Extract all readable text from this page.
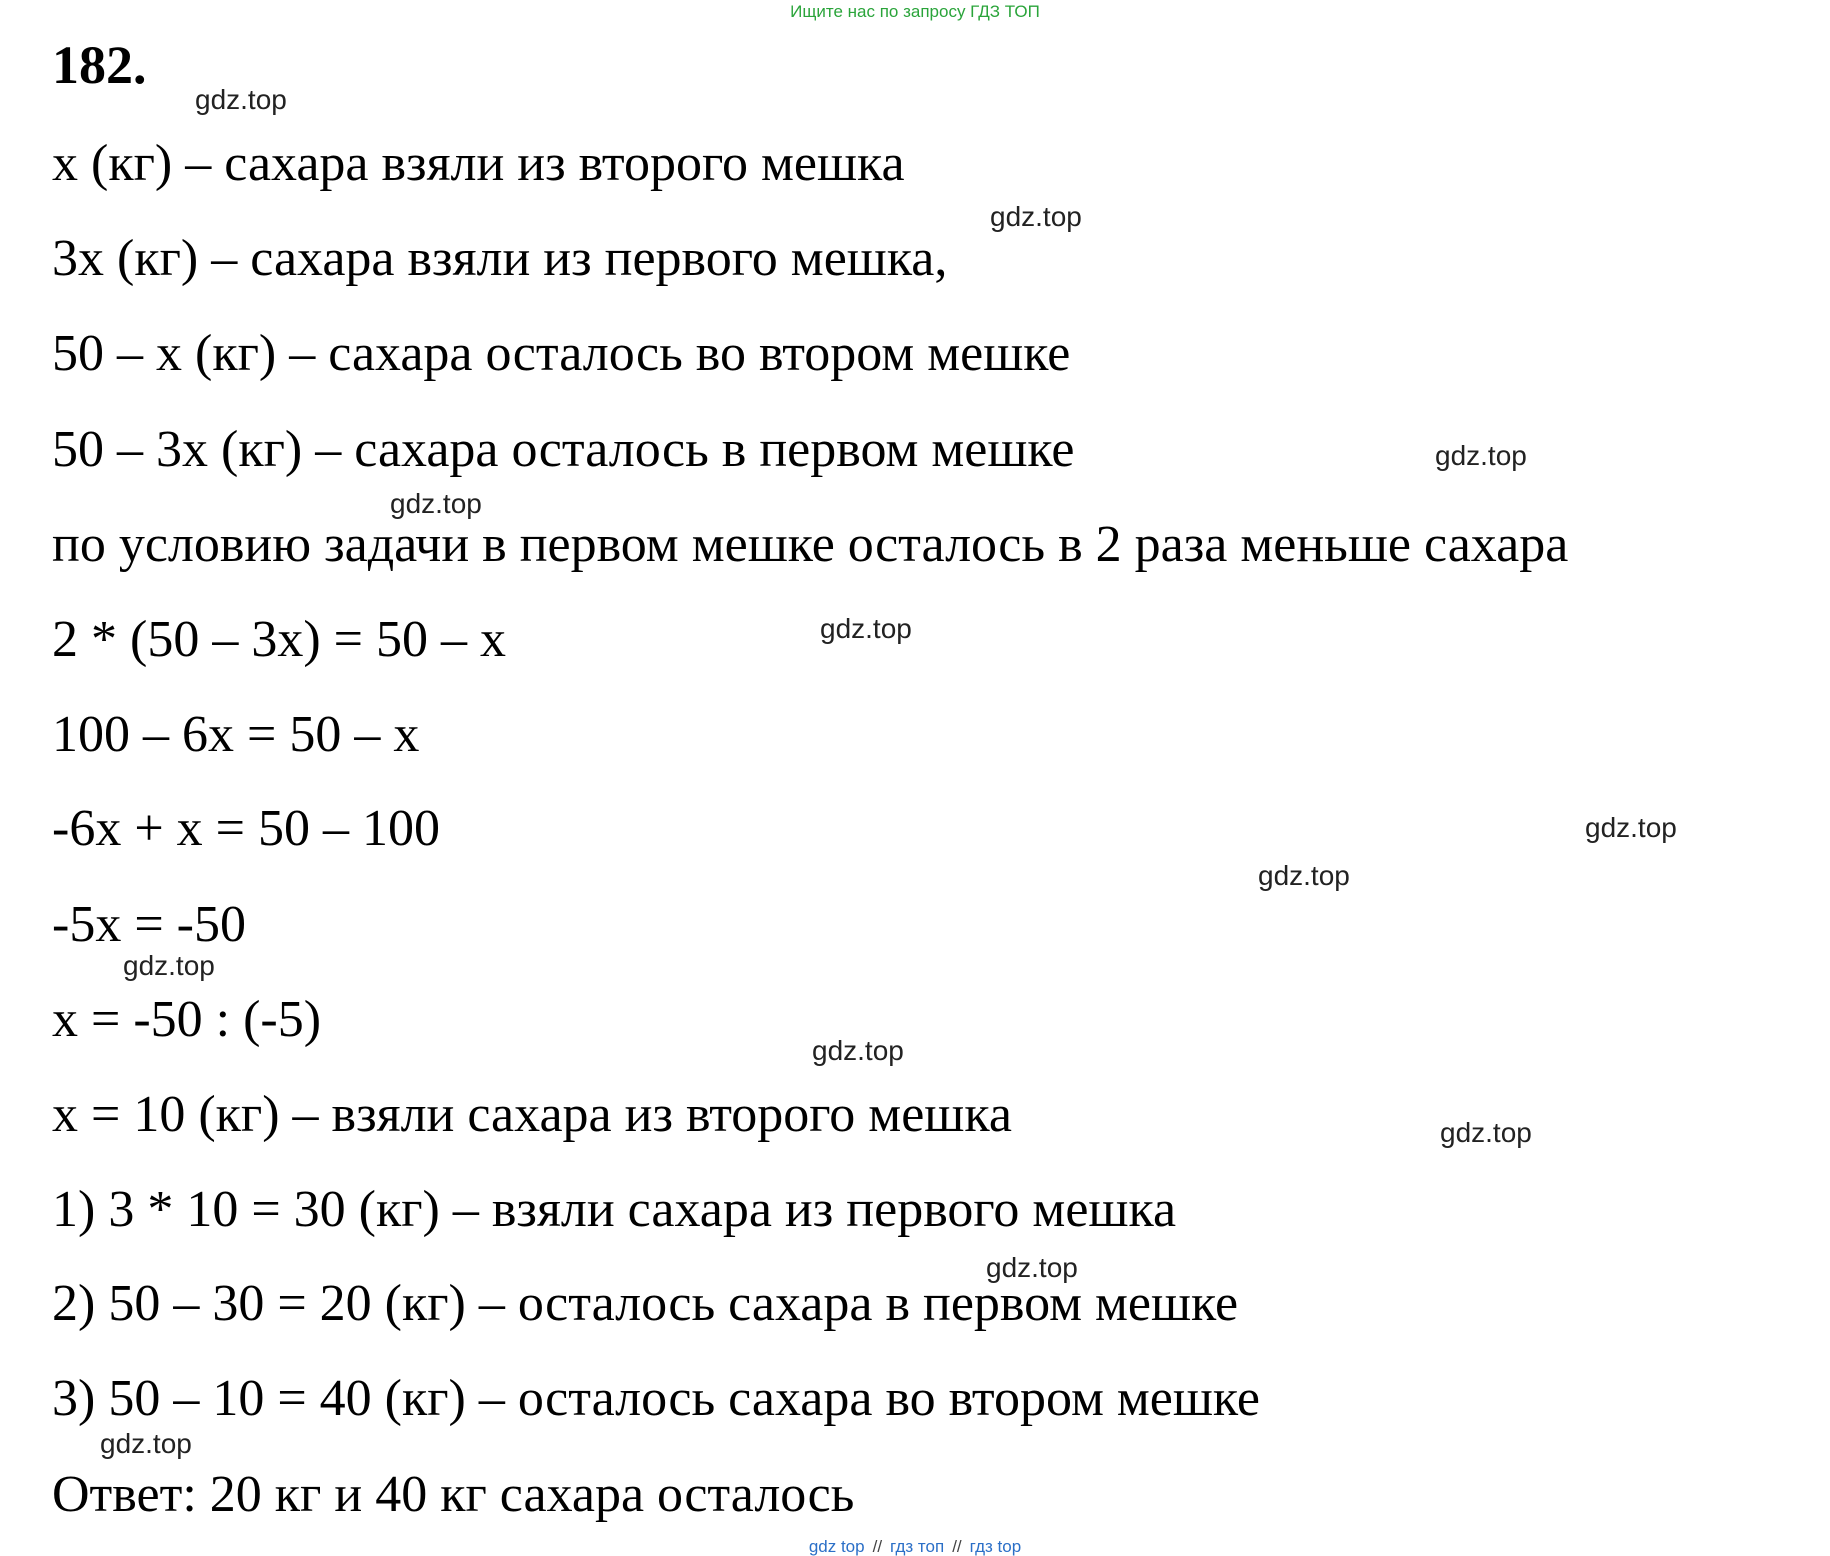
Ищите нас по запросу ГДЗ ТОП
182.
х (кг) – сахара взяли из второго мешка
3х (кг) – сахара взяли из первого мешка,
50 – х (кг) – сахара осталось во втором мешке
50 – 3х (кг) – сахара осталось в первом мешке
по условию задачи в первом мешке осталось в 2 раза меньше сахара
2 * (50 – 3х) = 50 – х
100 – 6х = 50 – х
-6х + х = 50 – 100
-5х = -50
х = -50 : (-5)
х = 10 (кг) – взяли сахара из второго мешка
1) 3 * 10 = 30 (кг) – взяли сахара из первого мешка
2) 50 – 30 = 20 (кг) – осталось сахара в первом мешке
3) 50 – 10 = 40 (кг) – осталось сахара во втором мешке
Ответ: 20 кг и 40 кг сахара осталось
gdz.top
gdz.top
gdz.top
gdz.top
gdz.top
gdz.top
gdz.top
gdz.top
gdz.top
gdz.top
gdz.top
gdz.top
gdz top // гдз топ // гдз top
